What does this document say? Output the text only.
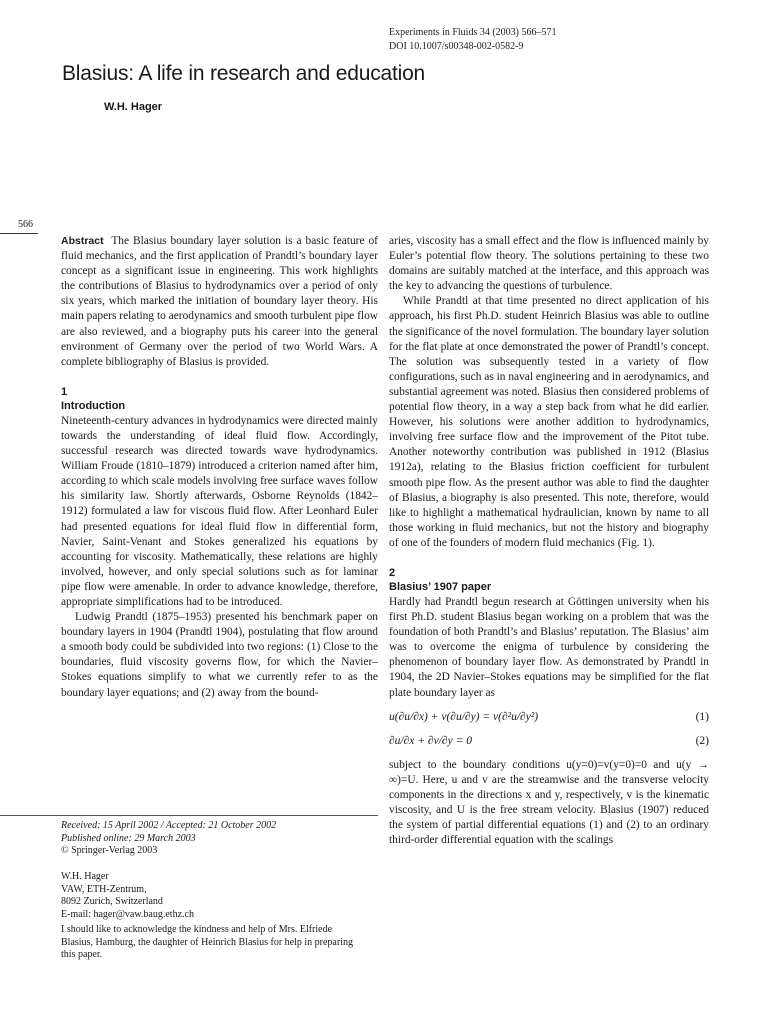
Experiments in Fluids 34 (2003) 566–571
DOI 10.1007/s00348-002-0582-9
Blasius: A life in research and education
W.H. Hager
566

Abstract The Blasius boundary layer solution is a basic feature of fluid mechanics, and the first application of Prandtl’s boundary layer concept as a significant issue in engineering. This work highlights the contributions of Blasius to hydrodynamics over a period of only six years, which marked the initiation of boundary layer theory. His main papers relating to aerodynamics and smooth turbulent pipe flow are also reviewed, and a biography puts his career into the general environment of Germany over the period of two World Wars. A complete bibliography of Blasius is provided.

1
Introduction

Nineteenth-century advances in hydrodynamics were directed mainly towards the understanding of ideal fluid flow. Accordingly, successful research was directed towards wave hydrodynamics. William Froude (1810–1879) introduced a criterion named after him, according to which scale models involving free surface waves follow his similarity law. Shortly afterwards, Osborne Reynolds (1842–1912) formulated a law for viscous fluid flow. After Leonhard Euler had presented equations for ideal fluid flow in differential form, Navier, Saint-Venant and Stokes generalized his equations by accounting for viscosity. Mathematically, these relations are highly involved, however, and only special solutions such as for laminar pipe flow were amenable. In order to advance knowledge, therefore, appropriate simplifications had to be introduced.

Ludwig Prandtl (1875–1953) presented his benchmark paper on boundary layers in 1904 (Prandtl 1904), postulating that flow around a smooth body could be subdivided into two regions: (1) Close to the boundaries, fluid viscosity governs flow, for which the Navier–Stokes equations simplify to what we currently refer to as the boundary layer equations; and (2) away from the bound-

aries, viscosity has a small effect and the flow is influenced mainly by Euler’s potential flow theory. The solutions pertaining to these two domains are suitably matched at the interface, and this approach was the key to advancing the questions of turbulence.

While Prandtl at that time presented no direct application of his approach, his first Ph.D. student Heinrich Blasius was able to outline the significance of the novel formulation. The boundary layer solution for the flat plate at once demonstrated the power of Prandtl’s concept. The solution was subsequently tested in a variety of flow configurations, such as in naval engineering and in aerodynamics, and substantial agreement was noted. Blasius then considered problems of potential flow theory, in a way a step back from what he did earlier. However, his solutions were another addition to hydrodynamics, involving free surface flow and the improvement of the Pitot tube. Another noteworthy contribution was published in 1912 (Blasius 1912a), relating to the Blasius friction coefficient for turbulent smooth pipe flow. As the present author was able to find the daughter of Blasius, a biography is also presented. This note, therefore, would like to highlight a mathematical hydraulician, known by name to all those working in fluid mechanics, but not the history and biography of one of the founders of modern fluid mechanics (Fig. 1).

2
Blasius’ 1907 paper

Hardly had Prandtl begun research at Göttingen university when his first Ph.D. student Blasius began working on a problem that was the foundation of both Prandtl’s and Blasius’ reputation. The Blasius’ aim was to overcome the enigma of turbulence by considering the phenomenon of boundary layer flow. As demonstrated by Prandtl in 1904, the 2D Navier–Stokes equations may be simplified for the flat plate boundary layer as

u(∂u/∂x) + v(∂u/∂y) = v(∂²u/∂y²)	(1)
∂u/∂x + ∂v/∂y = 0	(2)

subject to the boundary conditions u(y=0)=v(y=0)=0 and u(y → ∞)=U. Here, u and v are the streamwise and the transverse velocity components in the directions x and y, respectively, v is the kinematic viscosity, and U is the free stream velocity. Blasius (1907) reduced the system of partial differential equations (1) and (2) to an ordinary third-order differential equation with the scalings

Received: 15 April 2002 / Accepted: 21 October 2002
Published online: 29 March 2003
© Springer-Verlag 2003
W.H. Hager
VAW, ETH-Zentrum,
8092 Zurich, Switzerland
E-mail: hager@vaw.baug.ethz.ch
I should like to acknowledge the kindness and help of Mrs. Elfriede Blasius, Hamburg, the daughter of Heinrich Blasius for help in preparing this paper.
